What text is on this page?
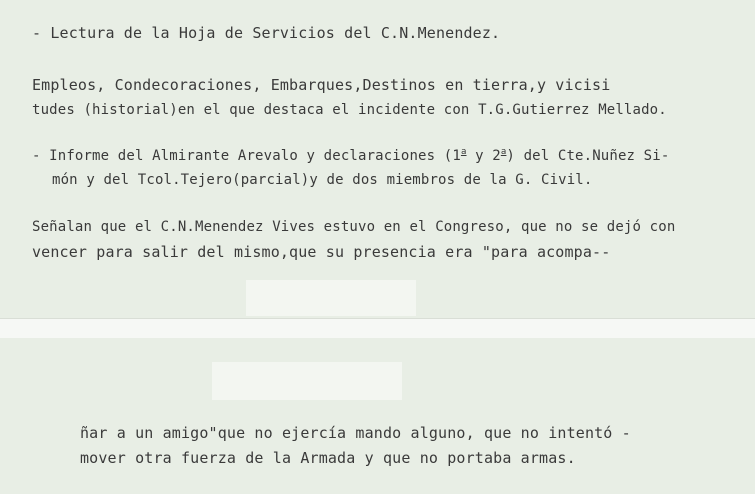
- Lectura de la Hoja de Servicios del C.N.Menendez.
Empleos, Condecoraciones, Embarques,Destinos en tierra,y vicisi
tudes (historial)en el que destaca el incidente con T.G.Gutierrez Mellado.
- Informe del Almirante Arevalo y declaraciones (1$^a$ y 2$^a$) del Cte.Nuñez Si-
món y del Tcol.Tejero(parcial)y de dos miembros de la G. Civil.
Señalan que el C.N.Menendez Vives estuvo en el Congreso, que no se dejó con
vencer para salir del mismo,que su presencia era "para acompa--
ñar a un amigo"que no ejercía mando alguno, que no intentó -
mover otra fuerza de la Armada y que no portaba armas.
